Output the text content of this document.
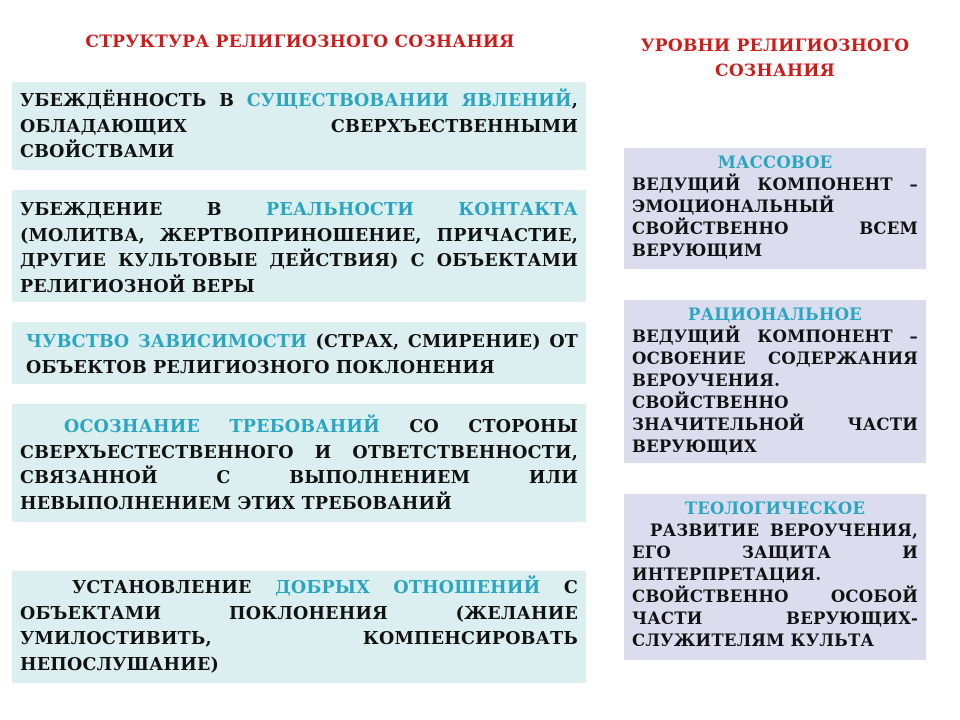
СТРУКТУРА РЕЛИГИОЗНОГО СОЗНАНИЯ	УРОВНИ РЕЛИГИОЗНОГО
СОЗНАНИЯ
УБЕЖДЁННОСТЬ В СУЩЕСТВОВАНИИ ЯВЛЕНИЙ, ОБЛАДАЮЩИХ СВЕРХЪЕСТВЕННЫМИ СВОЙСТВАМИ
УБЕЖДЕНИЕ В РЕАЛЬНОСТИ КОНТАКТА (МОЛИТВА, ЖЕРТВОПРИНОШЕНИЕ, ПРИЧАСТИЕ, ДРУГИЕ КУЛЬТОВЫЕ ДЕЙСТВИЯ) С ОБЪЕКТАМИ РЕЛИГИОЗНОЙ ВЕРЫ
ЧУВСТВО ЗАВИСИМОСТИ (СТРАХ, СМИРЕНИЕ) ОТ ОБЪЕКТОВ РЕЛИГИОЗНОГО ПОКЛОНЕНИЯ
ОСОЗНАНИЕ ТРЕБОВАНИЙ СО СТОРОНЫ СВЕРХЪЕСТЕСТВЕННОГО И ОТВЕТСТВЕННОСТИ, СВЯЗАННОЙ С ВЫПОЛНЕНИЕМ ИЛИ НЕВЫПОЛНЕНИЕМ ЭТИХ ТРЕБОВАНИЙ
УСТАНОВЛЕНИЕ ДОБРЫХ ОТНОШЕНИЙ С ОБЪЕКТАМИ ПОКЛОНЕНИЯ (ЖЕЛАНИЕ УМИЛОСТИВИТЬ, КОМПЕНСИРОВАТЬ НЕПОСЛУШАНИЕ)
МАССОВОЕ
ВЕДУЩИЙ КОМПОНЕНТ – ЭМОЦИОНАЛЬНЫЙ СВОЙСТВЕННО ВСЕМ ВЕРУЮЩИМ
РАЦИОНАЛЬНОЕ
ВЕДУЩИЙ КОМПОНЕНТ – ОСВОЕНИЕ СОДЕРЖАНИЯ ВЕРОУЧЕНИЯ. СВОЙСТВЕННО ЗНАЧИТЕЛЬНОЙ ЧАСТИ ВЕРУЮЩИХ
ТЕОЛОГИЧЕСКОЕ
РАЗВИТИЕ ВЕРОУЧЕНИЯ, ЕГО ЗАЩИТА И ИНТЕРПРЕТАЦИЯ. СВОЙСТВЕННО ОСОБОЙ ЧАСТИ ВЕРУЮЩИХ-СЛУЖИТЕЛЯМ КУЛЬТА
